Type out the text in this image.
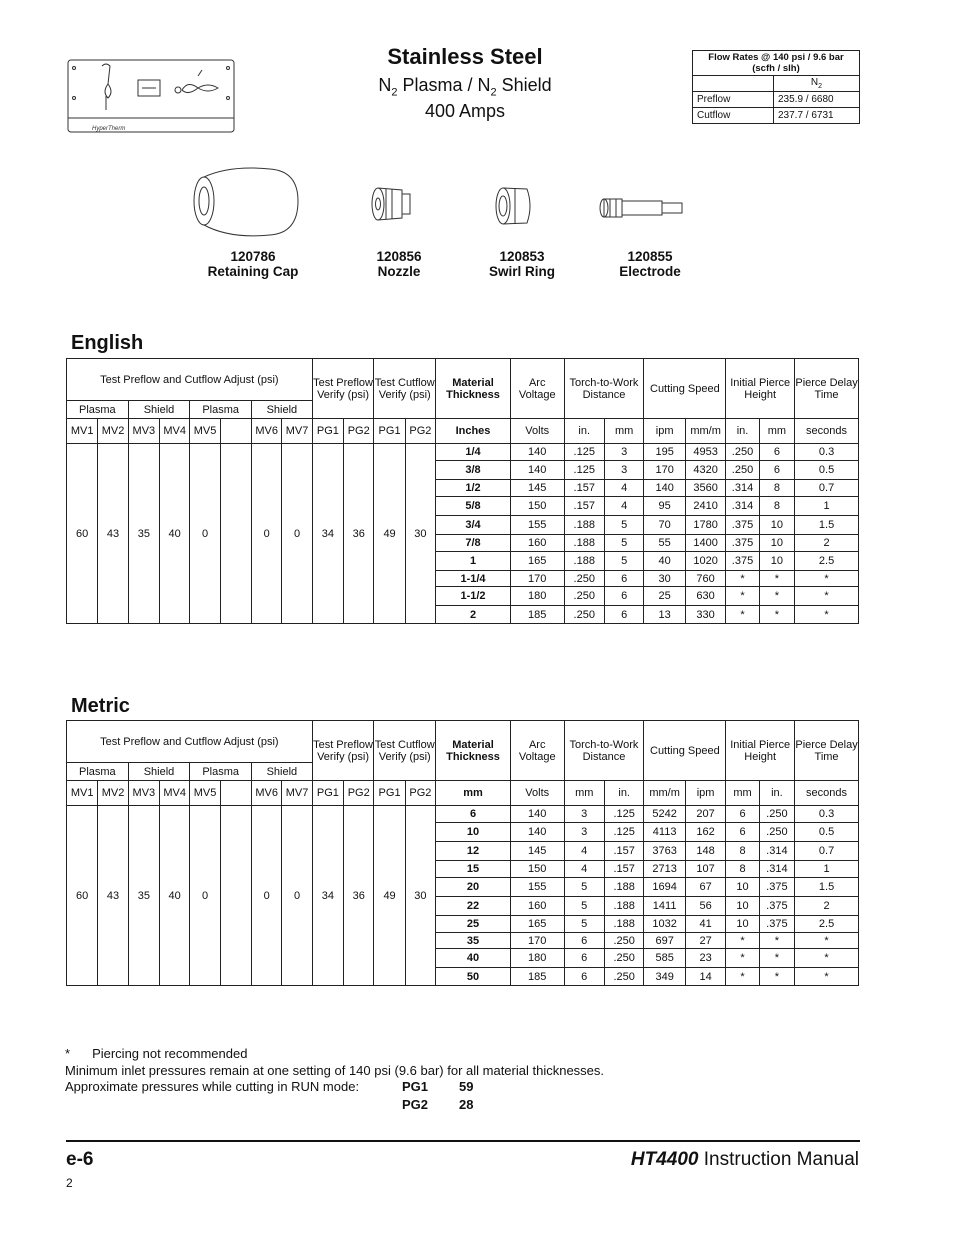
HyperTherm
Stainless Steel
$N_2$ Plasma / $N_2$ Shield
400 Amps
Flow Rates @ 140 psi / 9.6 bar
(scfh / slh)	

	$N_2$
Preflow	235.9 / 6680
Cutflow	237.7 / 6731
120786
Retaining Cap
120856
Nozzle
120853
Swirl Ring
120855
Electrode
English
Test Preflow and Cutflow Adjust (psi)								Test Preflow Verify (psi)		Test Cutflow Verify (psi)		Material Thickness	Arc Voltage	Torch-to-Work Distance		Cutting Speed		Initial Pierce Height		Pierce Delay Time
Plasma		Shield		Plasma		Shield														
MV1	MV2	MV3	MV4	MV5		MV6	MV7	PG1	PG2	PG1	PG2	Inches	Volts	in.	mm	ipm	mm/m	in.	mm	seconds
60	43	35	40	0		0	0	34	36	49	30	1/4	140	.125	3	195	4953	.250	6	0.3
												3/8	140	.125	3	170	4320	.250	6	0.5
												1/2	145	.157	4	140	3560	.314	8	0.7
												5/8	150	.157	4	95	2410	.314	8	1
												3/4	155	.188	5	70	1780	.375	10	1.5
												7/8	160	.188	5	55	1400	.375	10	2
												1	165	.188	5	40	1020	.375	10	2.5
												1-1/4	170	.250	6	30	760	*	*	*
												1-1/2	180	.250	6	25	630	*	*	*
												2	185	.250	6	13	330	*	*	*
Metric
Test Preflow and Cutflow Adjust (psi)								Test Preflow Verify (psi)		Test Cutflow Verify (psi)		Material Thickness	Arc Voltage	Torch-to-Work Distance		Cutting Speed		Initial Pierce Height		Pierce Delay Time
Plasma		Shield		Plasma		Shield														
MV1	MV2	MV3	MV4	MV5		MV6	MV7	PG1	PG2	PG1	PG2	mm	Volts	mm	in.	mm/m	ipm	mm	in.	seconds
60	43	35	40	0		0	0	34	36	49	30	6	140	3	.125	5242	207	6	.250	0.3
												10	140	3	.125	4113	162	6	.250	0.5
												12	145	4	.157	3763	148	8	.314	0.7
												15	150	4	.157	2713	107	8	.314	1
												20	155	5	.188	1694	67	10	.375	1.5
												22	160	5	.188	1411	56	10	.375	2
												25	165	5	.188	1032	41	10	.375	2.5
												35	170	6	.250	697	27	*	*	*
												40	180	6	.250	585	23	*	*	*
												50	185	6	.250	349	14	*	*	*
* Piercing not recommended
Minimum inlet pressures remain at one setting of 140 psi (9.6 bar) for all material thicknesses.
Approximate pressures while cutting in RUN mode:	PG1 59
PG2 28
e-6	HT4400 Instruction Manual
2
